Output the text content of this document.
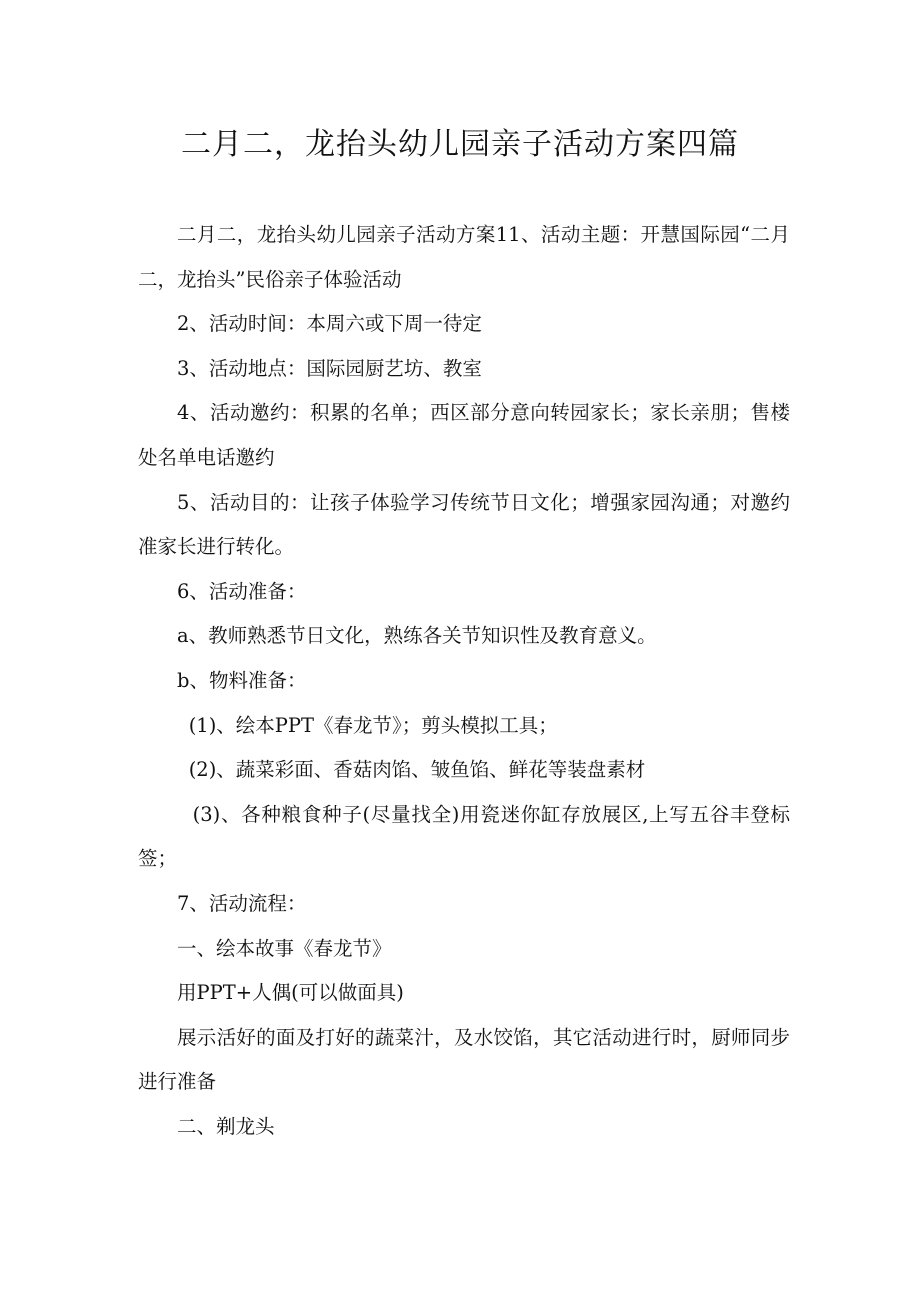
二月二，龙抬头幼儿园亲子活动方案四篇

二月二，龙抬头幼儿园亲子活动方案11、活动主题：开慧国际园“二月二，龙抬头”民俗亲子体验活动

2、活动时间：本周六或下周一待定

3、活动地点：国际园厨艺坊、教室

4、活动邀约：积累的名单；西区部分意向转园家长；家长亲朋；售楼处名单电话邀约

5、活动目的：让孩子体验学习传统节日文化；增强家园沟通；对邀约准家长进行转化。

6、活动准备：

a、教师熟悉节日文化，熟练各关节知识性及教育意义。

b、物料准备：

(1)、绘本PPT《春龙节》；剪头模拟工具；

(2)、蔬菜彩面、香菇肉馅、皱鱼馅、鲜花等装盘素材

(3)、各种粮食种子(尽量找全)用瓷迷你缸存放展区,上写五谷丰登标签；

7、活动流程：

一、绘本故事《春龙节》

用PPT+人偶(可以做面具)

展示活好的面及打好的蔬菜汁，及水饺馅，其它活动进行时，厨师同步进行准备

二、剃龙头
